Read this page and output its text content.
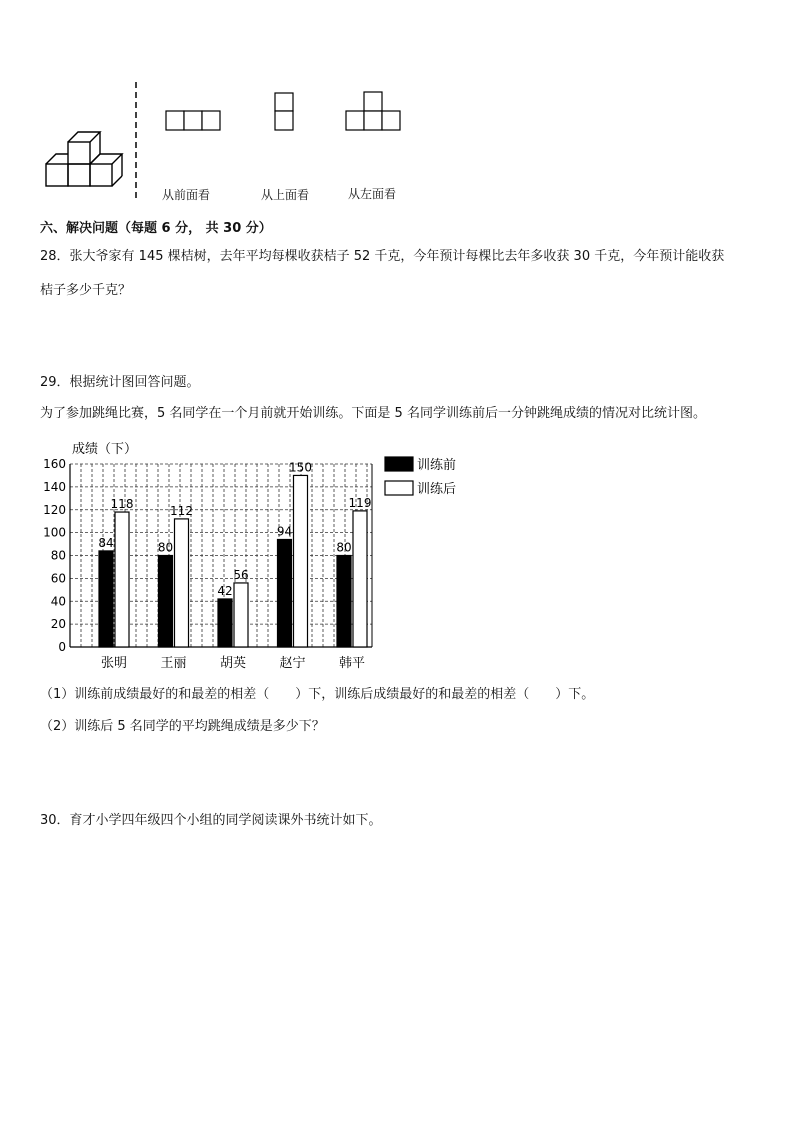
从前面看	从上面看	从左面看
六、解决问题（每题 6 分， 共 30 分）
28．张大爷家有 145 棵桔树，去年平均每棵收获桔子 52 千克，今年预计每棵比去年多收获 30 千克，今年预计能收获
桔子多少千克？
29．根据统计图回答问题。
为了参加跳绳比赛，5 名同学在一个月前就开始训练。下面是 5 名同学训练前后一分钟跳绳成绩的情况对比统计图。
成绩（下）
0
20
40
60
80
100
120
140
160
84
118
张明
80
112
王丽
42
56
胡英
94
150
赵宁
80
119
韩平
训练前
训练后
（1）训练前成绩最好的和最差的相差（　　）下，训练后成绩最好的和最差的相差（　　）下。
（2）训练后 5 名同学的平均跳绳成绩是多少下？
30．育才小学四年级四个小组的同学阅读课外书统计如下。
